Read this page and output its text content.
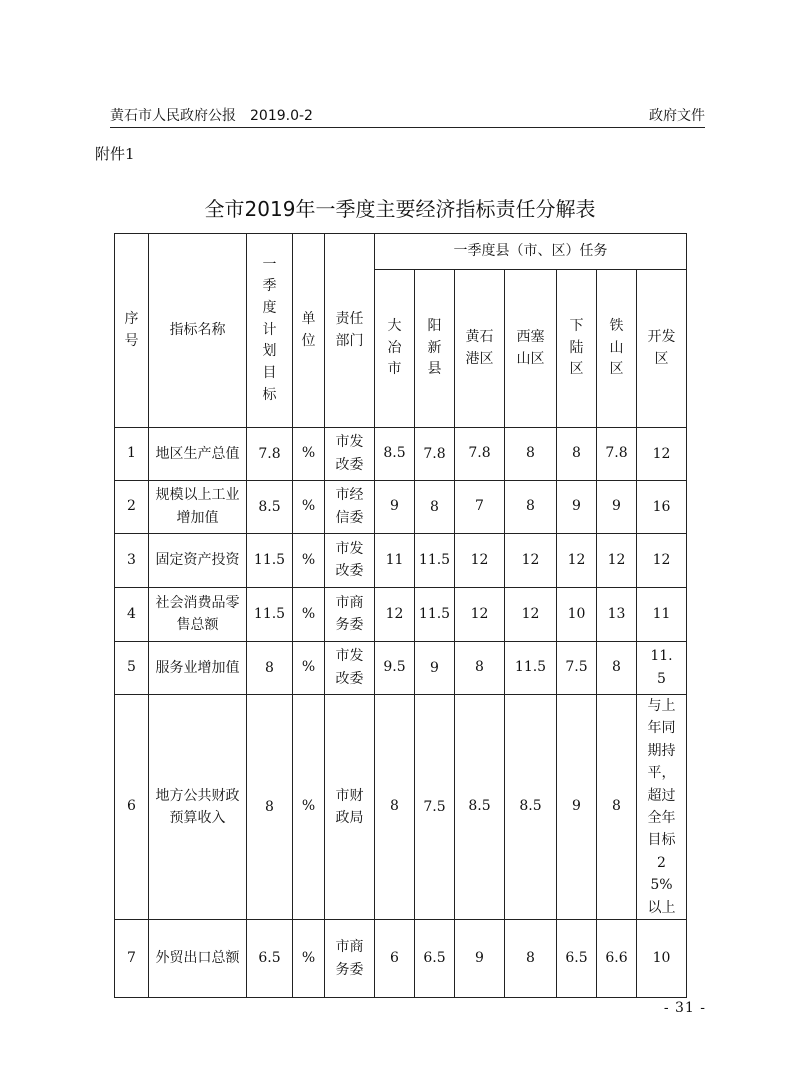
黄石市人民政府公报　2019.0-2	政府文件
附件1
全市2019年一季度主要经济指标责任分解表
序号	指标名称	一季度计划目标	单位	责任部门	一季度县（市、区）任务						
					大冶市	阳新县	黄石港区	西塞山区	下陆区	铁山区	开发区
1	地区生产总值	7.8	%	市发改委	8.5	7.8	7.8	8	8	7.8	12
2	规模以上工业增加值	8.5	%	市经信委	9	8	7	8	9	9	16
3	固定资产投资	11.5	%	市发改委	11	11.5	12	12	12	12	12
4	社会消费品零售总额	11.5	%	市商务委	12	11.5	12	12	10	13	11
5	服务业增加值	8	%	市发改委	9.5	9	8	11.5	7.5	8	11.5
6	地方公共财政预算收入	8	%	市财政局	8	7.5	8.5	8.5	9	8	与上年同期持平，超过全年目标25%以上
7	外贸出口总额	6.5	%	市商务委	6	6.5	9	8	6.5	6.6	10
- 31 -
